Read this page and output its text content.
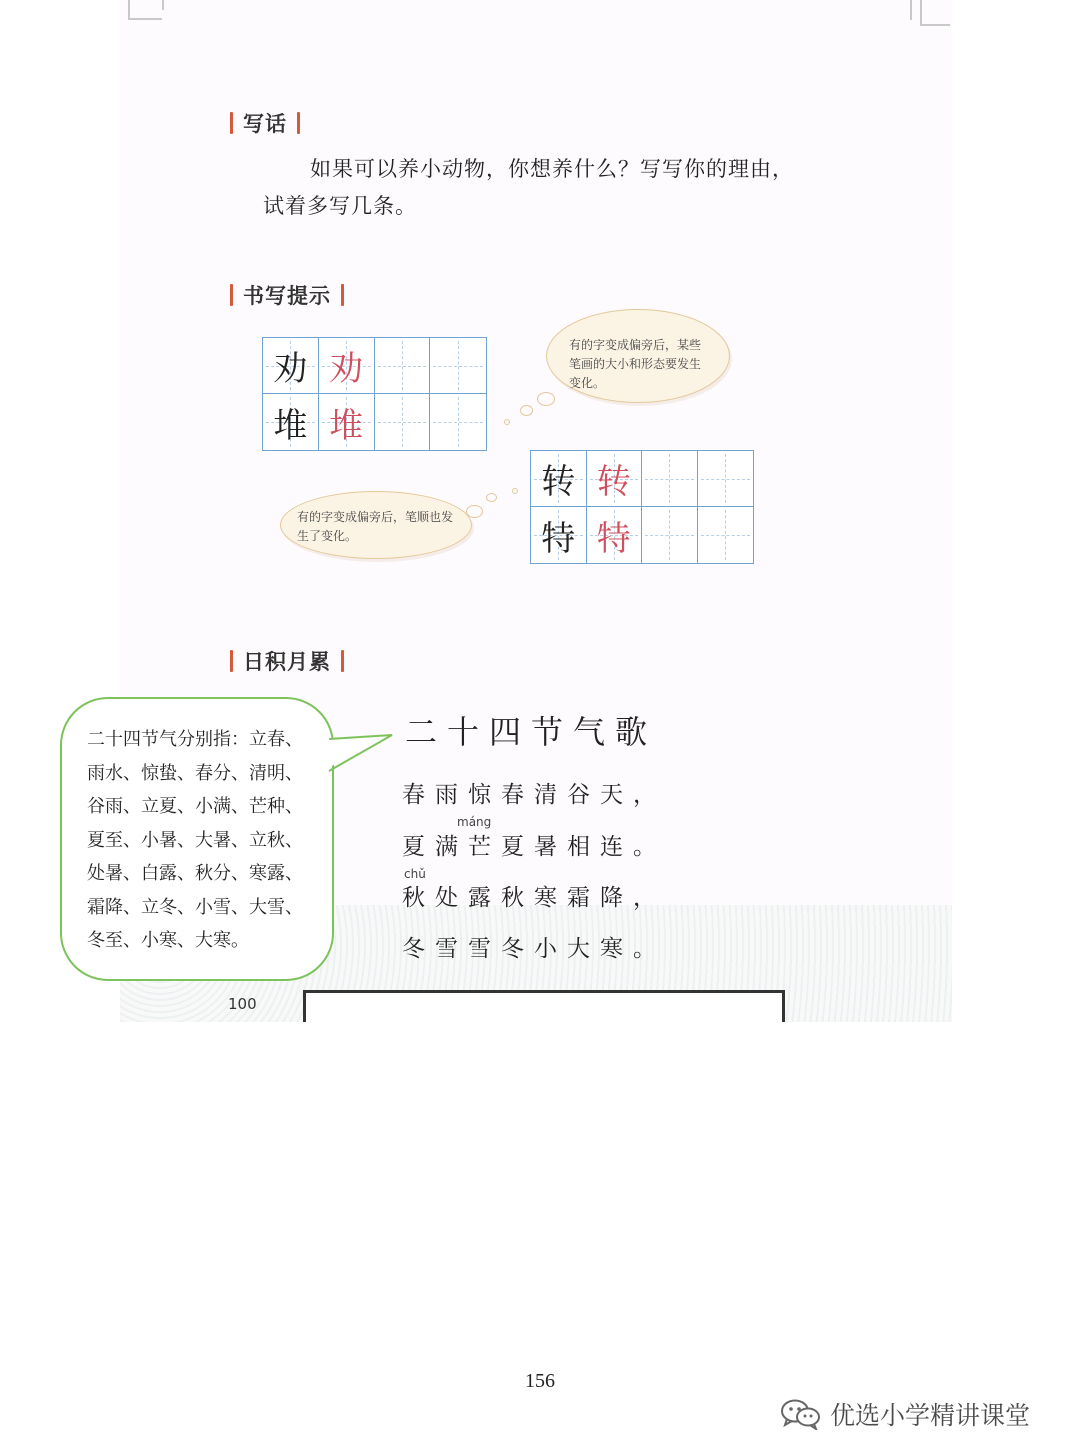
写话
如果可以养小动物，你想养什么？写写你的理由，
试着多写几条。
书写提示
劝 劝
堆 堆
有的字变成偏旁后，某些笔画的大小和形态要发生变化。
转 转
特 特
有的字变成偏旁后，笔顺也发生了变化。
日积月累
二十四节气歌
春雨惊春清谷天，
máng
夏满芒夏暑相连。
chǔ
秋处露秋寒霜降，
冬雪雪冬小大寒。
100
二十四节气分别指：立春、雨水、惊蛰、春分、清明、谷雨、立夏、小满、芒种、夏至、小暑、大暑、立秋、处暑、白露、秋分、寒露、霜降、立冬、小雪、大雪、冬至、小寒、大寒。
156
优选小学精讲课堂
